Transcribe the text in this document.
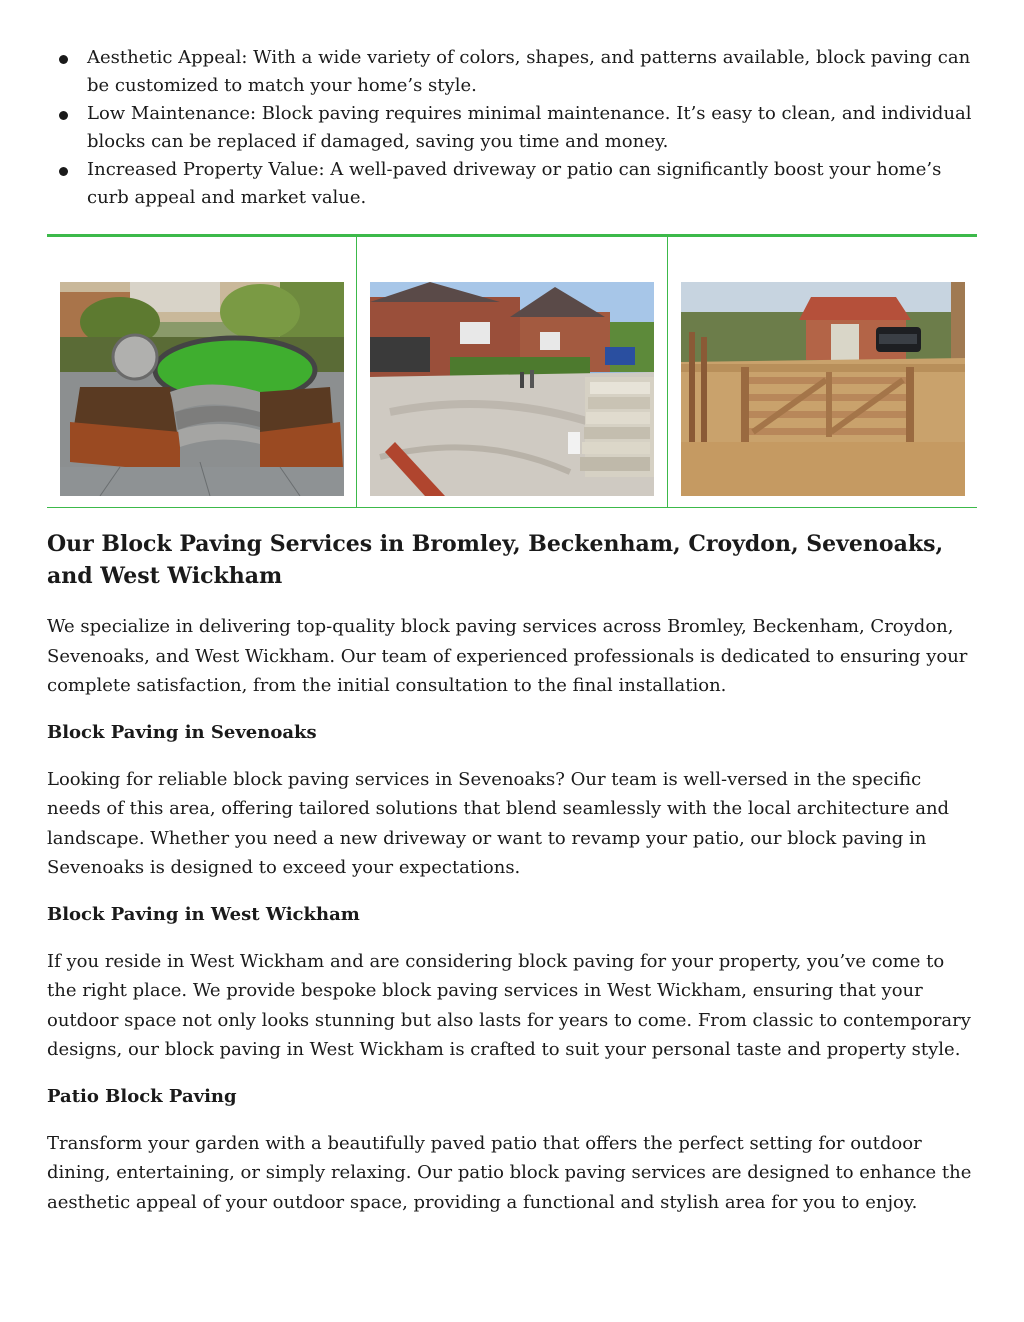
Aesthetic Appeal: With a wide variety of colors, shapes, and patterns available, block paving can be customized to match your home’s style.
Low Maintenance: Block paving requires minimal maintenance. It’s easy to clean, and individual blocks can be replaced if damaged, saving you time and money.
Increased Property Value: A well-paved driveway or patio can significantly boost your home’s curb appeal and market value.
Our Block Paving Services in Bromley, Beckenham, Croydon, Sevenoaks, and West Wickham

We specialize in delivering top-quality block paving services across Bromley, Beckenham, Croydon, Sevenoaks, and West Wickham. Our team of experienced professionals is dedicated to ensuring your complete satisfaction, from the initial consultation to the final installation.

Block Paving in Sevenoaks

Looking for reliable block paving services in Sevenoaks? Our team is well-versed in the specific needs of this area, offering tailored solutions that blend seamlessly with the local architecture and landscape. Whether you need a new driveway or want to revamp your patio, our block paving in Sevenoaks is designed to exceed your expectations.

Block Paving in West Wickham

If you reside in West Wickham and are considering block paving for your property, you’ve come to the right place. We provide bespoke block paving services in West Wickham, ensuring that your outdoor space not only looks stunning but also lasts for years to come. From classic to contemporary designs, our block paving in West Wickham is crafted to suit your personal taste and property style.

Patio Block Paving

Transform your garden with a beautifully paved patio that offers the perfect setting for outdoor dining, entertaining, or simply relaxing. Our patio block paving services are designed to enhance the aesthetic appeal of your outdoor space, providing a functional and stylish area for you to enjoy.
